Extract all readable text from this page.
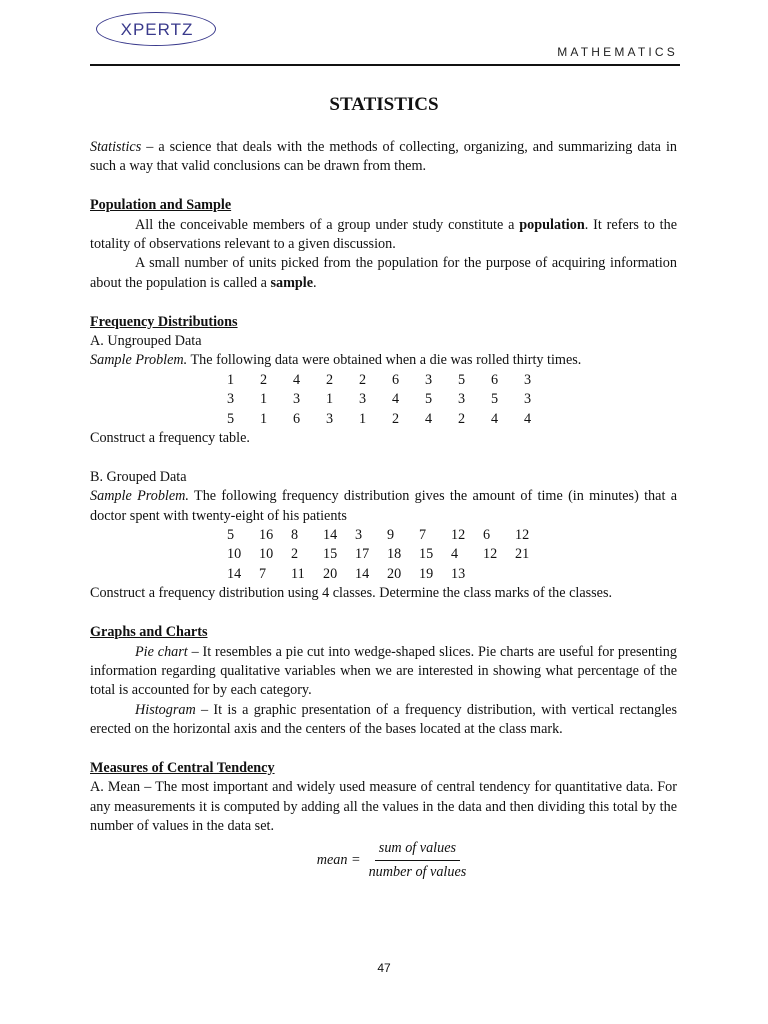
XPERTZ
MATHEMATICS
STATISTICS

Statistics – a science that deals with the methods of collecting, organizing, and summarizing data in such a way that valid conclusions can be drawn from them.

Population and Sample

All the conceivable members of a group under study constitute a population. It refers to the totality of observations relevant to a given discussion.

A small number of units picked from the population for the purpose of acquiring information about the population is called a sample.

Frequency Distributions

A. Ungrouped Data

Sample Problem. The following data were obtained when a die was rolled thirty times.

1	2	4	2	2	6	3	5	6	3
3	1	3	1	3	4	5	3	5	3
5	1	6	3	1	2	4	2	4	4

Construct a frequency table.

B. Grouped Data

Sample Problem. The following frequency distribution gives the amount of time (in minutes) that a doctor spent with twenty-eight of his patients

5	16	8	14	3	9	7	12	6	12
10	10	2	15	17	18	15	4	12	21
14	7	11	20	14	20	19	13		

Construct a frequency distribution using 4 classes. Determine the class marks of the classes.

Graphs and Charts

Pie chart – It resembles a pie cut into wedge-shaped slices. Pie charts are useful for presenting information regarding qualitative variables when we are interested in showing what percentage of the total is accounted for by each category.

Histogram – It is a graphic presentation of a frequency distribution, with vertical rectangles erected on the horizontal axis and the centers of the bases located at the class mark.

Measures of Central Tendency

A. Mean – The most important and widely used measure of central tendency for quantitative data. For any measurements it is computed by adding all the values in the data and then dividing this total by the number of values in the data set.

mean = $\frac{\text{sum of values}}{\text{number of values}}$
47
